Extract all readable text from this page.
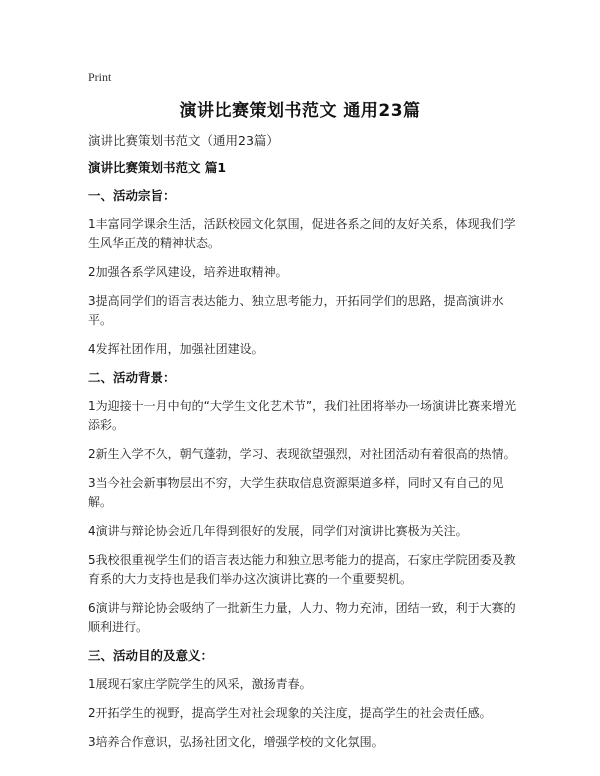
Print
演讲比赛策划书范文 通用23篇
演讲比赛策划书范文（通用23篇）
演讲比赛策划书范文 篇1
一、活动宗旨：
1丰富同学课余生活，活跃校园文化氛围，促进各系之间的友好关系，体现我们学生风华正茂的精神状态。
2加强各系学风建设，培养进取精神。
3提高同学们的语言表达能力、独立思考能力，开拓同学们的思路，提高演讲水平。
4发挥社团作用，加强社团建设。
二、活动背景：
1为迎接十一月中旬的“大学生文化艺术节”，我们社团将举办一场演讲比赛来增光添彩。
2新生入学不久，朝气蓬勃，学习、表现欲望强烈，对社团活动有着很高的热情。
3当今社会新事物层出不穷，大学生获取信息资源渠道多样，同时又有自己的见解。
4演讲与辩论协会近几年得到很好的发展，同学们对演讲比赛极为关注。
5我校很重视学生们的语言表达能力和独立思考能力的提高，石家庄学院团委及教育系的大力支持也是我们举办这次演讲比赛的一个重要契机。
6演讲与辩论协会吸纳了一批新生力量，人力、物力充沛，团结一致，利于大赛的顺利进行。
三、活动目的及意义：
1展现石家庄学院学生的风采，激扬青春。
2开拓学生的视野，提高学生对社会现象的关注度，提高学生的社会责任感。
3培养合作意识，弘扬社团文化，增强学校的文化氛围。
